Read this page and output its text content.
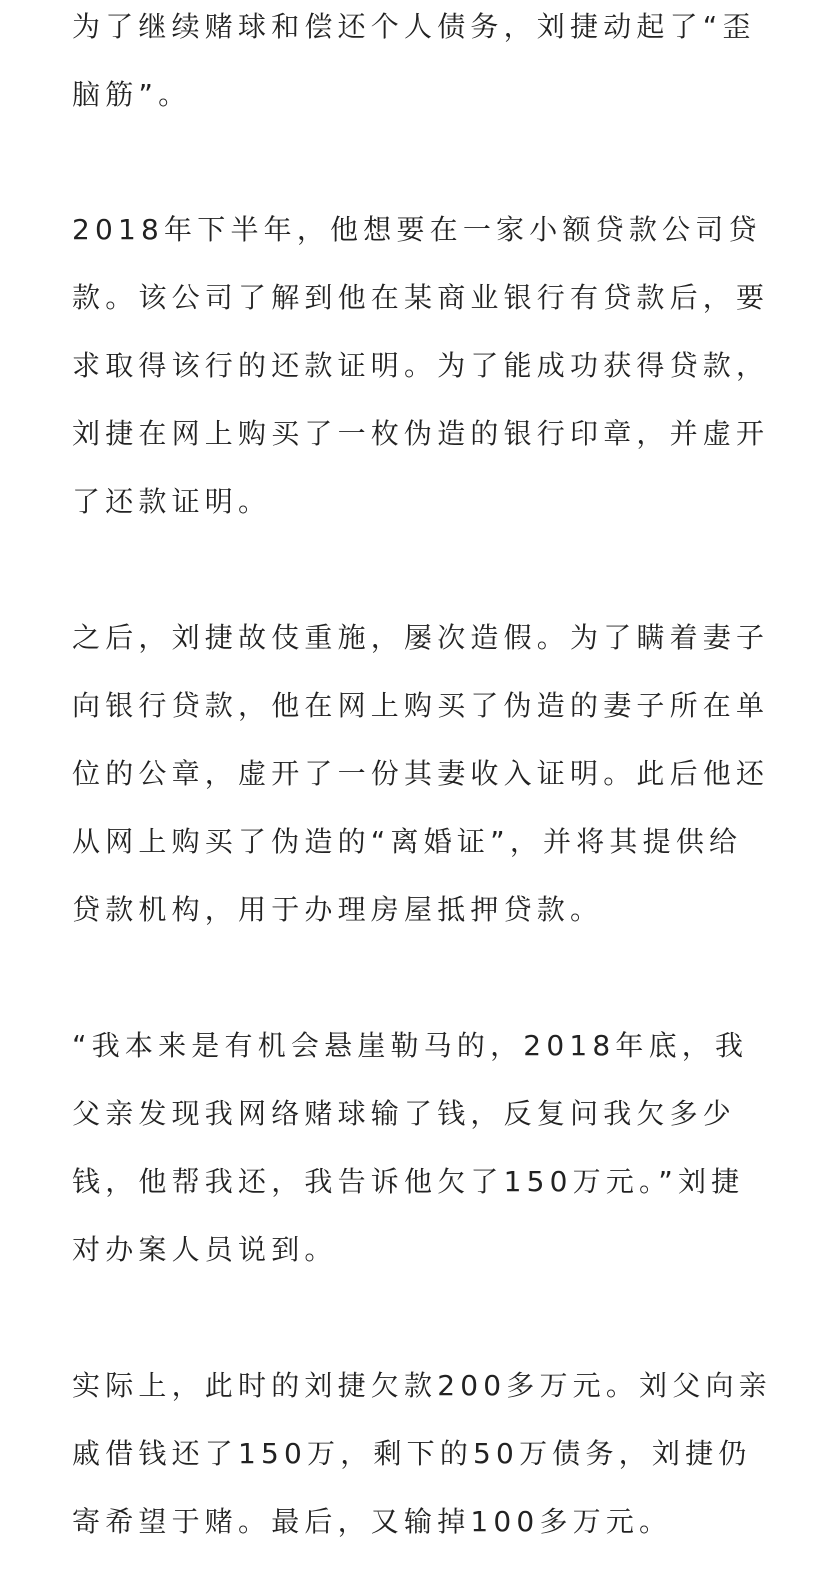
为了继续赌球和偿还个人债务，刘捷动起了“歪
脑筋”。
2018年下半年，他想要在一家小额贷款公司贷
款。该公司了解到他在某商业银行有贷款后，要
求取得该行的还款证明。为了能成功获得贷款，
刘捷在网上购买了一枚伪造的银行印章，并虚开
了还款证明。
之后，刘捷故伎重施，屡次造假。为了瞒着妻子
向银行贷款，他在网上购买了伪造的妻子所在单
位的公章，虚开了一份其妻收入证明。此后他还
从网上购买了伪造的“离婚证”，并将其提供给
贷款机构，用于办理房屋抵押贷款。
“我本来是有机会悬崖勒马的，2018年底，我
父亲发现我网络赌球输了钱，反复问我欠多少
钱，他帮我还，我告诉他欠了150万元。”刘捷
对办案人员说到。
实际上，此时的刘捷欠款200多万元。刘父向亲
戚借钱还了150万，剩下的50万债务，刘捷仍
寄希望于赌。最后，又输掉100多万元。
